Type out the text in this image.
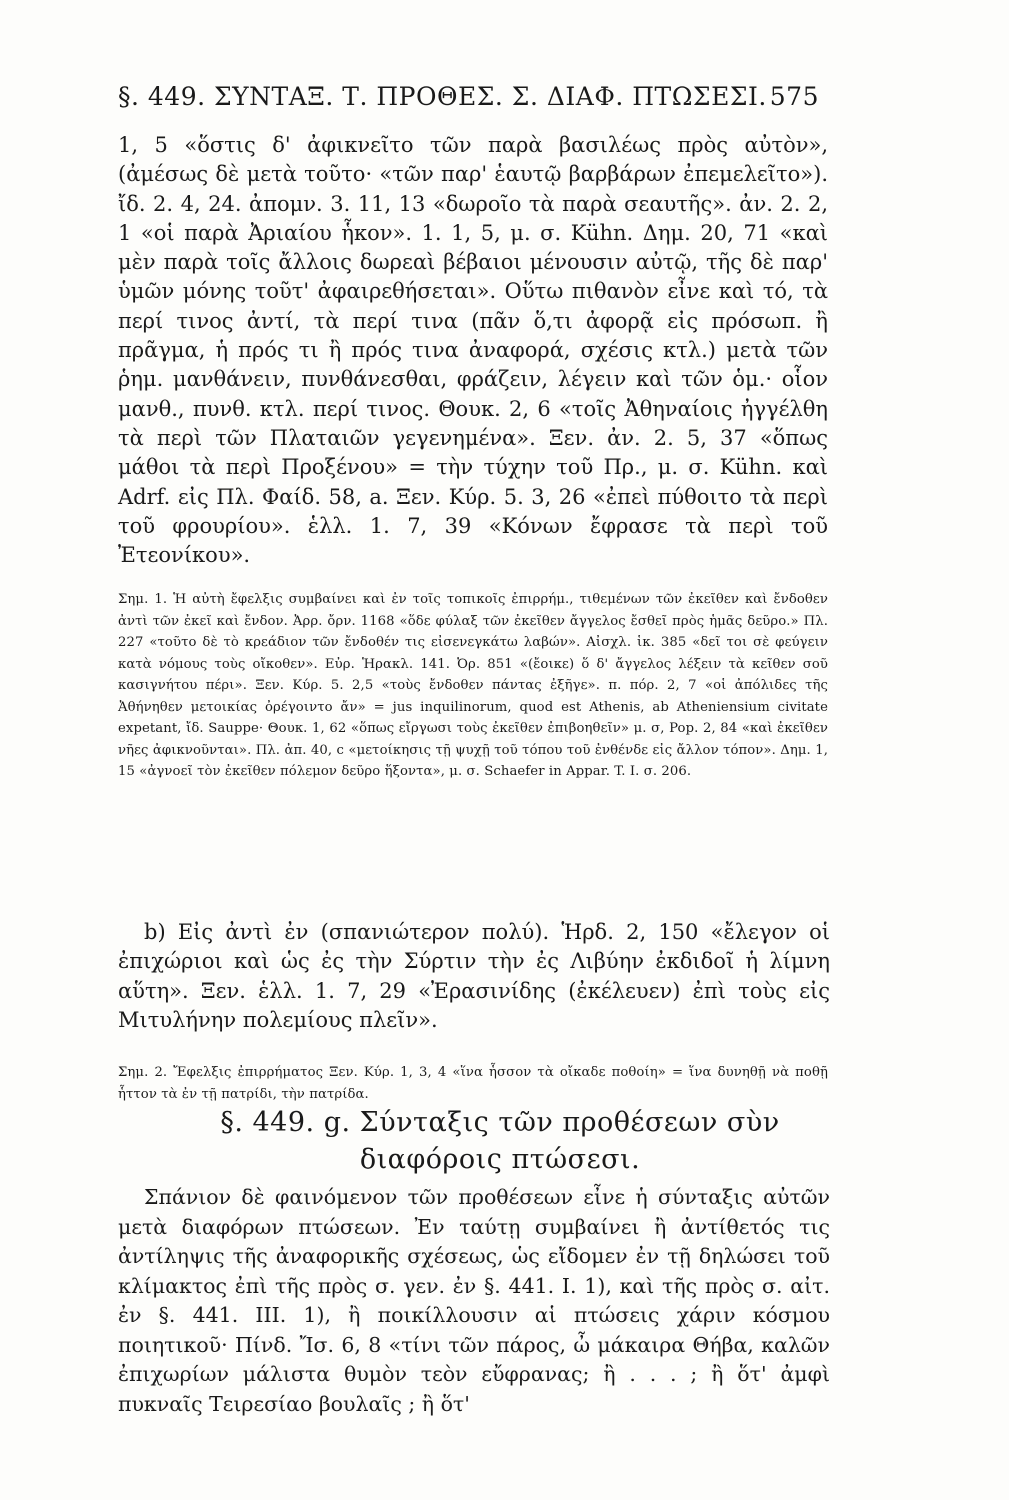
§. 449. ΣΥΝΤΑΞ. Τ. ΠΡΟΘΕΣ. Σ. ΔΙΑΦ. ΠΤΩΣΕΣΙ. 575

1, 5 «ὅστις δ' ἀφικνεῖτο τῶν παρὰ βασιλέως πρὸς αὐτὸν», (ἀμέσως δὲ μετὰ τοῦτο· «τῶν παρ' ἑαυτῷ βαρβάρων ἐπεμελεῖτο»). ἴδ. 2. 4, 24. ἀπομν. 3. 11, 13 «δωροῖο τὰ παρὰ σεαυτῆς». ἀν. 2. 2, 1 «οἱ παρὰ Ἀριαίου ἧκον». 1. 1, 5, μ. σ. Kühn. Δημ. 20, 71 «καὶ μὲν παρὰ τοῖς ἄλλοις δωρεαὶ βέβαιοι μένουσιν αὐτῷ, τῆς δὲ παρ' ὑμῶν μόνης τοῦτ' ἀφαιρεθήσεται». Οὕτω πιθανὸν εἶνε καὶ τό, τὰ περί τινος ἀντί, τὰ περί τινα (πᾶν ὅ,τι ἀφορᾷ εἰς πρόσωπ. ἢ πρᾶγμα, ἡ πρός τι ἢ πρός τινα ἀναφορά, σχέσις κτλ.) μετὰ τῶν ῥημ. μανθάνειν, πυνθάνεσθαι, φράζειν, λέγειν καὶ τῶν ὁμ.· οἷον μανθ., πυνθ. κτλ. περί τινος. Θουκ. 2, 6 «τοῖς Ἀθηναίοις ἠγγέλθη τὰ περὶ τῶν Πλαταιῶν γεγενημένα». Ξεν. ἀν. 2. 5, 37 «ὅπως μάθοι τὰ περὶ Προξένου» = τὴν τύχην τοῦ Πρ., μ. σ. Kühn. καὶ Adrf. εἰς Πλ. Φαίδ. 58, a. Ξεν. Κύρ. 5. 3, 26 «ἐπεὶ πύθοιτο τὰ περὶ τοῦ φρουρίου». ἑλλ. 1. 7, 39 «Κόνων ἔφρασε τὰ περὶ τοῦ Ἐτεονίκου».

Σημ. 1. Ἡ αὐτὴ ἔφελξις συμβαίνει καὶ ἐν τοῖς τοπικοῖς ἐπιρρήμ., τιθεμένων τῶν ἐκεῖθεν καὶ ἔνδοθεν ἀντὶ τῶν ἐκεῖ καὶ ἔνδον. Ἀρρ. ὄρν. 1168 «ὅδε φύλαξ τῶν ἐκεῖθεν ἄγγελος ἔσθεῖ πρὸς ἡμᾶς δεῦρο.» Πλ. 227 «τοῦτο δὲ τὸ κρεάδιον τῶν ἔνδοθέν τις εἰσενεγκάτω λαβών». Αἰσχλ. ἱκ. 385 «δεῖ τοι σὲ φεύγειν κατὰ νόμους τοὺς οἴκοθεν». Εὐρ. Ἡρακλ. 141. Ὀρ. 851 «(ἔοικε) ὅ δ' ἄγγελος λέξειν τὰ κεῖθεν σοῦ κασιγνήτου πέρι». Ξεν. Κύρ. 5. 2,5 «τοὺς ἔνδοθεν πάντας ἐξῆγε». π. πόρ. 2, 7 «οἱ ἀπόλιδες τῆς Ἀθήνηθεν μετοικίας ὀρέγοιντο ἄν» = jus inquilinorum, quod est Athenis, ab Atheniensium civitate expetant, ἴδ. Sauppe· Θουκ. 1, 62 «ὅπως εἴργωσι τοὺς ἐκεῖθεν ἐπιβοηθεῖν» μ. σ, Pop. 2, 84 «καὶ ἐκεῖθεν νῆες ἀφικνοῦνται». Πλ. ἀπ. 40, c «μετοίκησις τῇ ψυχῇ τοῦ τόπου τοῦ ἐνθένδε εἰς ἄλλον τόπον». Δημ. 1, 15 «ἀγνοεῖ τὸν ἐκεῖθεν πόλεμον δεῦρο ἥξοντα», μ. σ. Schaefer in Appar. T. I. σ. 206.

b) Εἰς ἀντὶ ἐν (σπανιώτερον πολύ). Ἡρδ. 2, 150 «ἔλεγον οἱ ἐπιχώριοι καὶ ὡς ἐς τὴν Σύρτιν τὴν ἐς Λιβύην ἐκδιδοῖ ἡ λίμνη αὕτη». Ξεν. ἑλλ. 1. 7, 29 «Ἐρασινίδης (ἐκέλευεν) ἐπὶ τοὺς εἰς Μιτυλήνην πολεμίους πλεῖν».

Σημ. 2. Ἔφελξις ἐπιρρήματος Ξεν. Κύρ. 1, 3, 4 «ἵνα ἧσσον τὰ οἴκαδε ποθοίη» = ἵνα δυνηθῇ νὰ ποθῇ ἧττον τὰ ἐν τῇ πατρίδι, τὴν πατρίδα.

§. 449. g. Σύνταξις τῶν προθέσεων σὺν διαφόροις πτώσεσι.

Σπάνιον δὲ φαινόμενον τῶν προθέσεων εἶνε ἡ σύνταξις αὐτῶν μετὰ διαφόρων πτώσεων. Ἐν ταύτῃ συμβαίνει ἢ ἀντίθετός τις ἀντίληψις τῆς ἀναφορικῆς σχέσεως, ὡς εἴδομεν ἐν τῇ δηλώσει τοῦ κλίμακτος ἐπὶ τῆς πρὸς σ. γεν. ἐν §. 441. I. 1), καὶ τῆς πρὸς σ. αἰτ. ἐν §. 441. III. 1), ἢ ποικίλλουσιν αἱ πτώσεις χάριν κόσμου ποιητικοῦ· Πίνδ. Ἴσ. 6, 8 «τίνι τῶν πάρος, ὦ μάκαιρα Θήβα, καλῶν ἐπιχωρίων μάλιστα θυμὸν τεὸν εὔφρανας; ἢ . . . ; ἢ ὅτ' ἀμφὶ πυκναῖς Τειρεσίαο βουλαῖς ; ἢ ὅτ'
